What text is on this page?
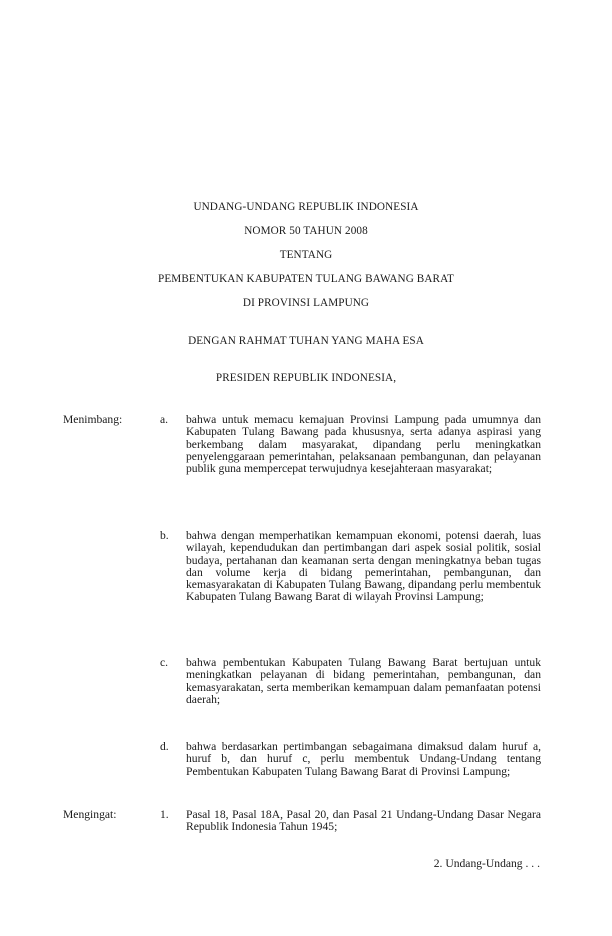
UNDANG-UNDANG REPUBLIK INDONESIA
NOMOR 50 TAHUN 2008
TENTANG
PEMBENTUKAN KABUPATEN TULANG BAWANG BARAT
DI PROVINSI LAMPUNG
DENGAN RAHMAT TUHAN YANG MAHA ESA
PRESIDEN REPUBLIK INDONESIA,
Menimbang:	a. bahwa untuk memacu kemajuan Provinsi Lampung pada umumnya dan Kabupaten Tulang Bawang pada khususnya, serta adanya aspirasi yang berkembang dalam masyarakat, dipandang perlu meningkatkan penyelenggaraan pemerintahan, pelaksanaan pembangunan, dan pelayanan publik guna mempercepat terwujudnya kesejahteraan masyarakat;
b. bahwa dengan memperhatikan kemampuan ekonomi, potensi daerah, luas wilayah, kependudukan dan pertimbangan dari aspek sosial politik, sosial budaya, pertahanan dan keamanan serta dengan meningkatnya beban tugas dan volume kerja di bidang pemerintahan, pembangunan, dan kemasyarakatan di Kabupaten Tulang Bawang, dipandang perlu membentuk Kabupaten Tulang Bawang Barat di wilayah Provinsi Lampung;
c. bahwa pembentukan Kabupaten Tulang Bawang Barat bertujuan untuk meningkatkan pelayanan di bidang pemerintahan, pembangunan, dan kemasyarakatan, serta memberikan kemampuan dalam pemanfaatan potensi daerah;
d. bahwa berdasarkan pertimbangan sebagaimana dimaksud dalam huruf a, huruf b, dan huruf c, perlu membentuk Undang-Undang tentang Pembentukan Kabupaten Tulang Bawang Barat di Provinsi Lampung;
Mengingat:	1. Pasal 18, Pasal 18A, Pasal 20, dan Pasal 21 Undang-Undang Dasar Negara Republik Indonesia Tahun 1945;
2. Undang-Undang . . .
